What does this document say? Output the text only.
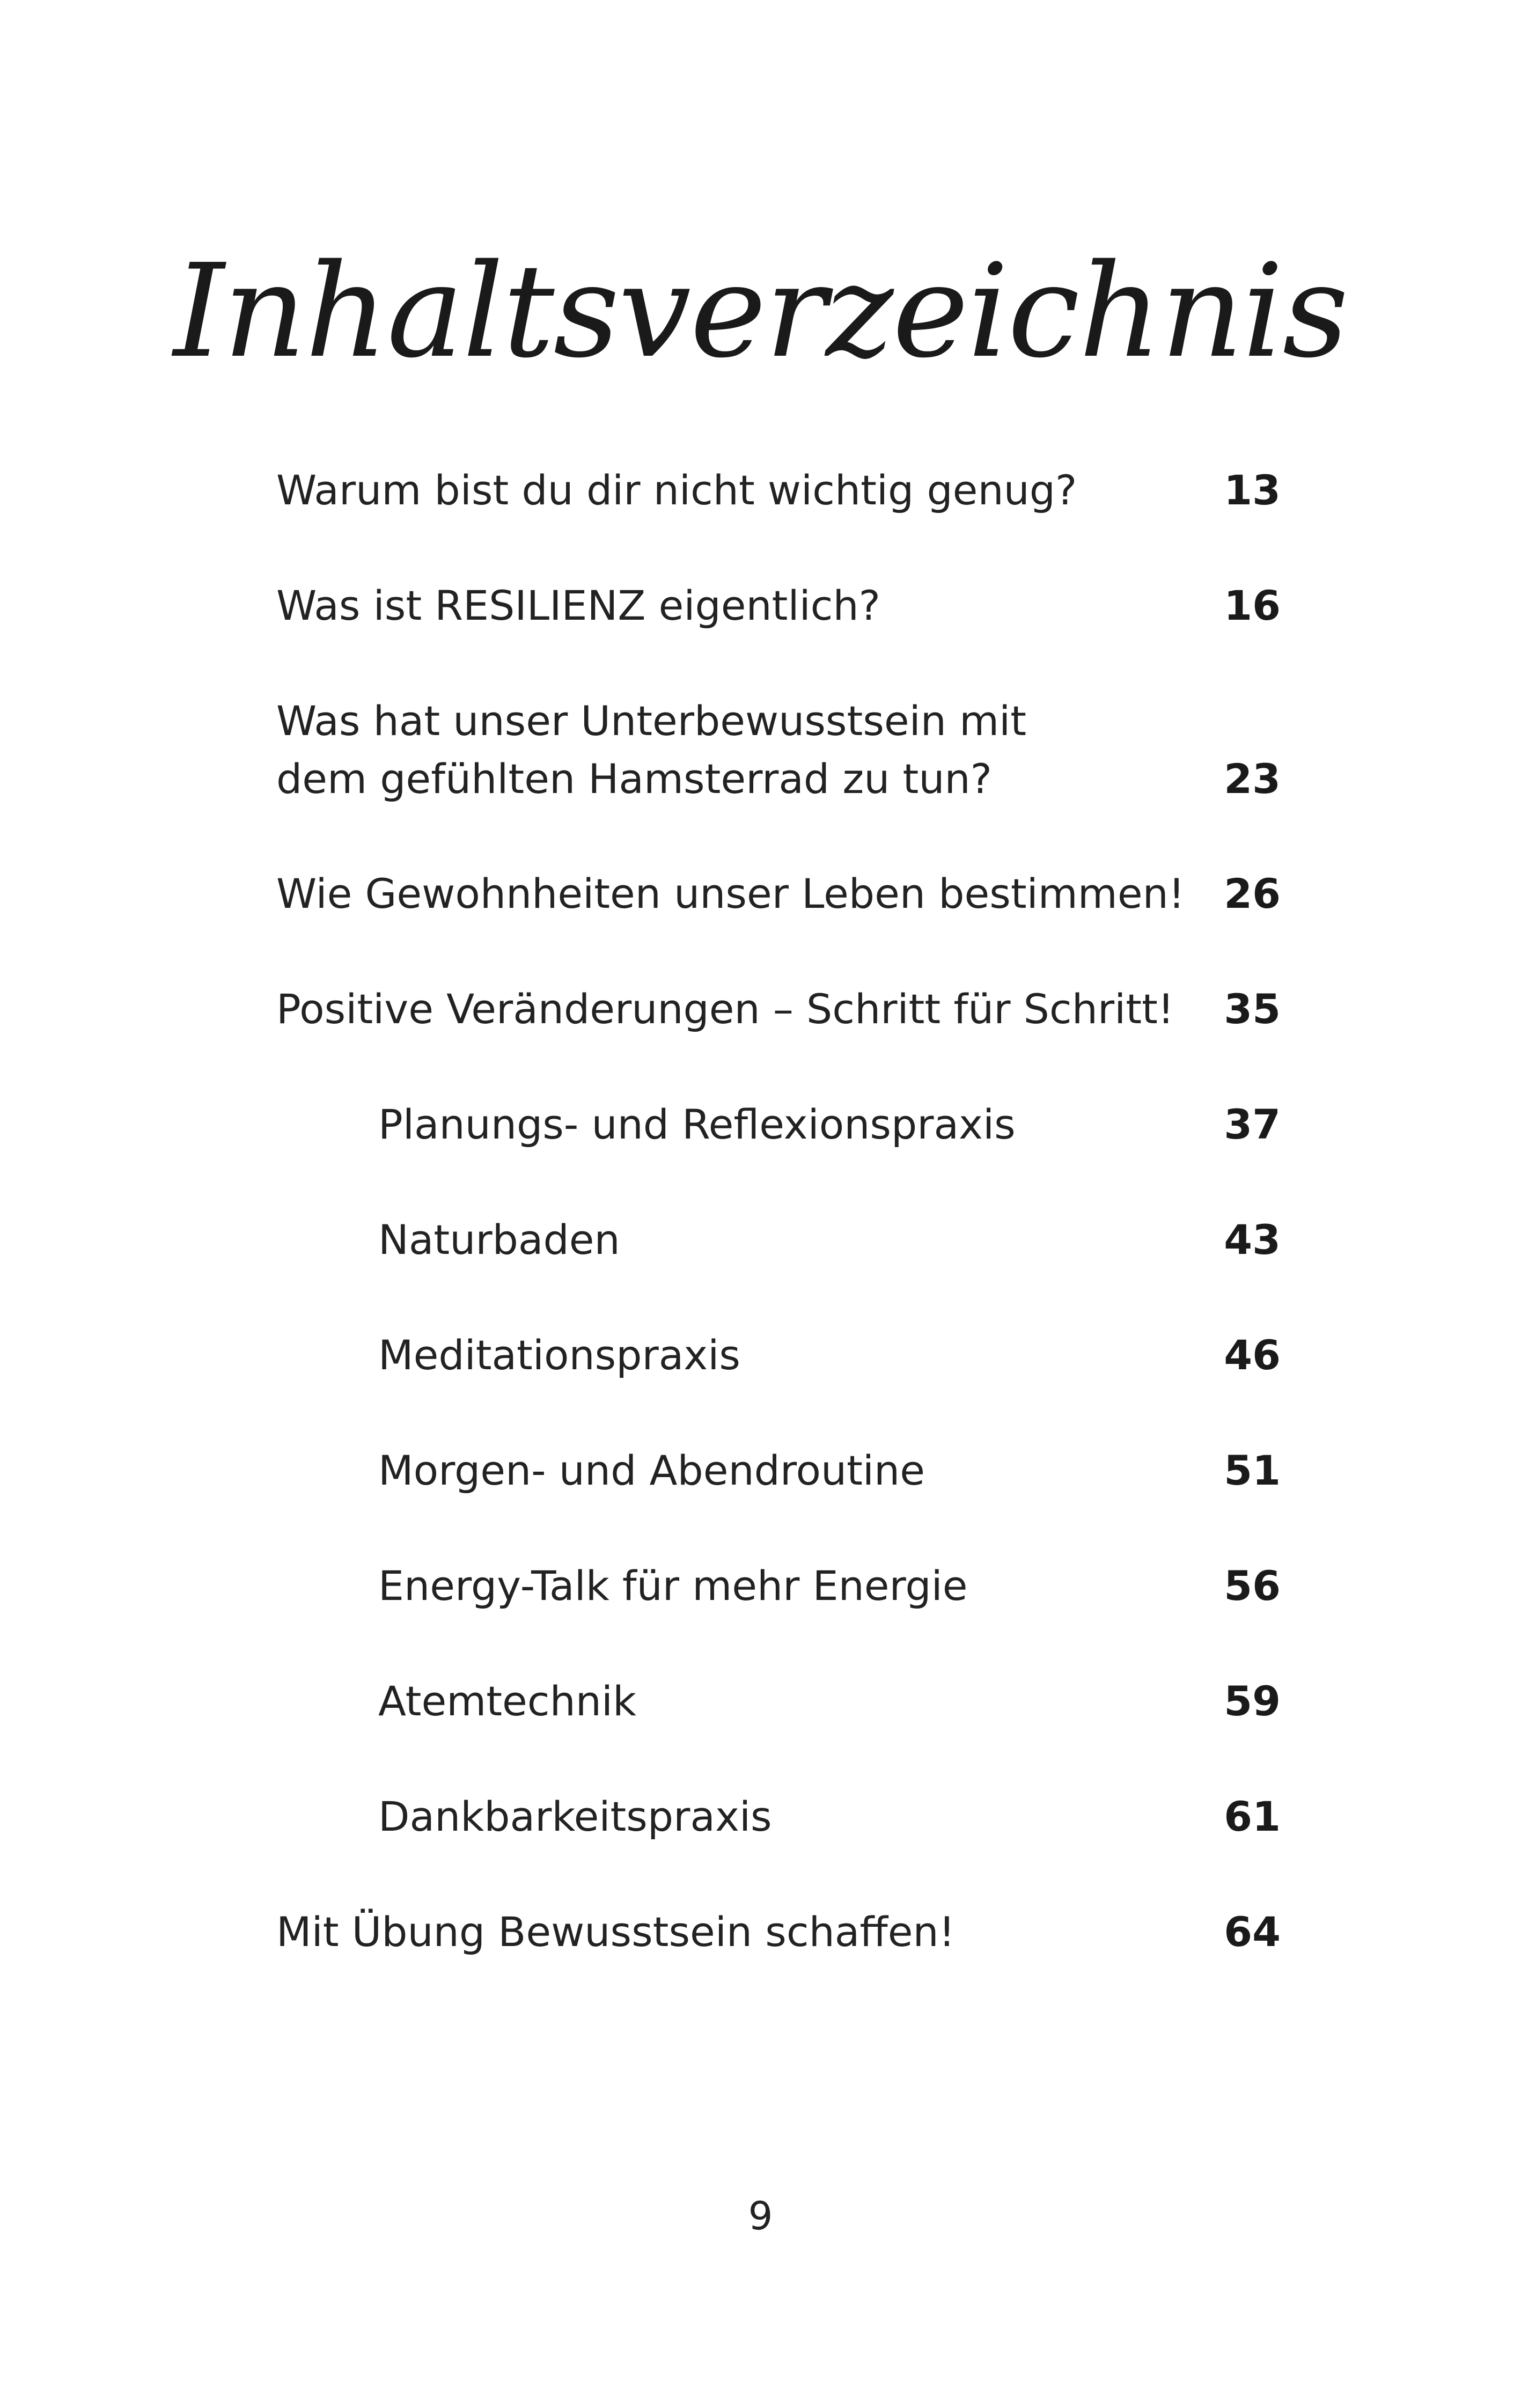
Inhaltsverzeichnis
Warum bist du dir nicht wichtig genug?	13
Was ist RESILIENZ eigentlich?	16
Was hat unser Unterbewusstsein mit
dem gefühlten Hamsterrad zu tun?	23
Wie Gewohnheiten unser Leben bestimmen! 26
Positive Veränderungen – Schritt für Schritt! 35
Planungs- und Reflexionspraxis	37
Naturbaden	43
Meditationspraxis	46
Morgen- und Abendroutine	51
Energy-Talk für mehr Energie	56
Atemtechnik	59
Dankbarkeitspraxis	61
Mit Übung Bewusstsein schaffen!	64
9
